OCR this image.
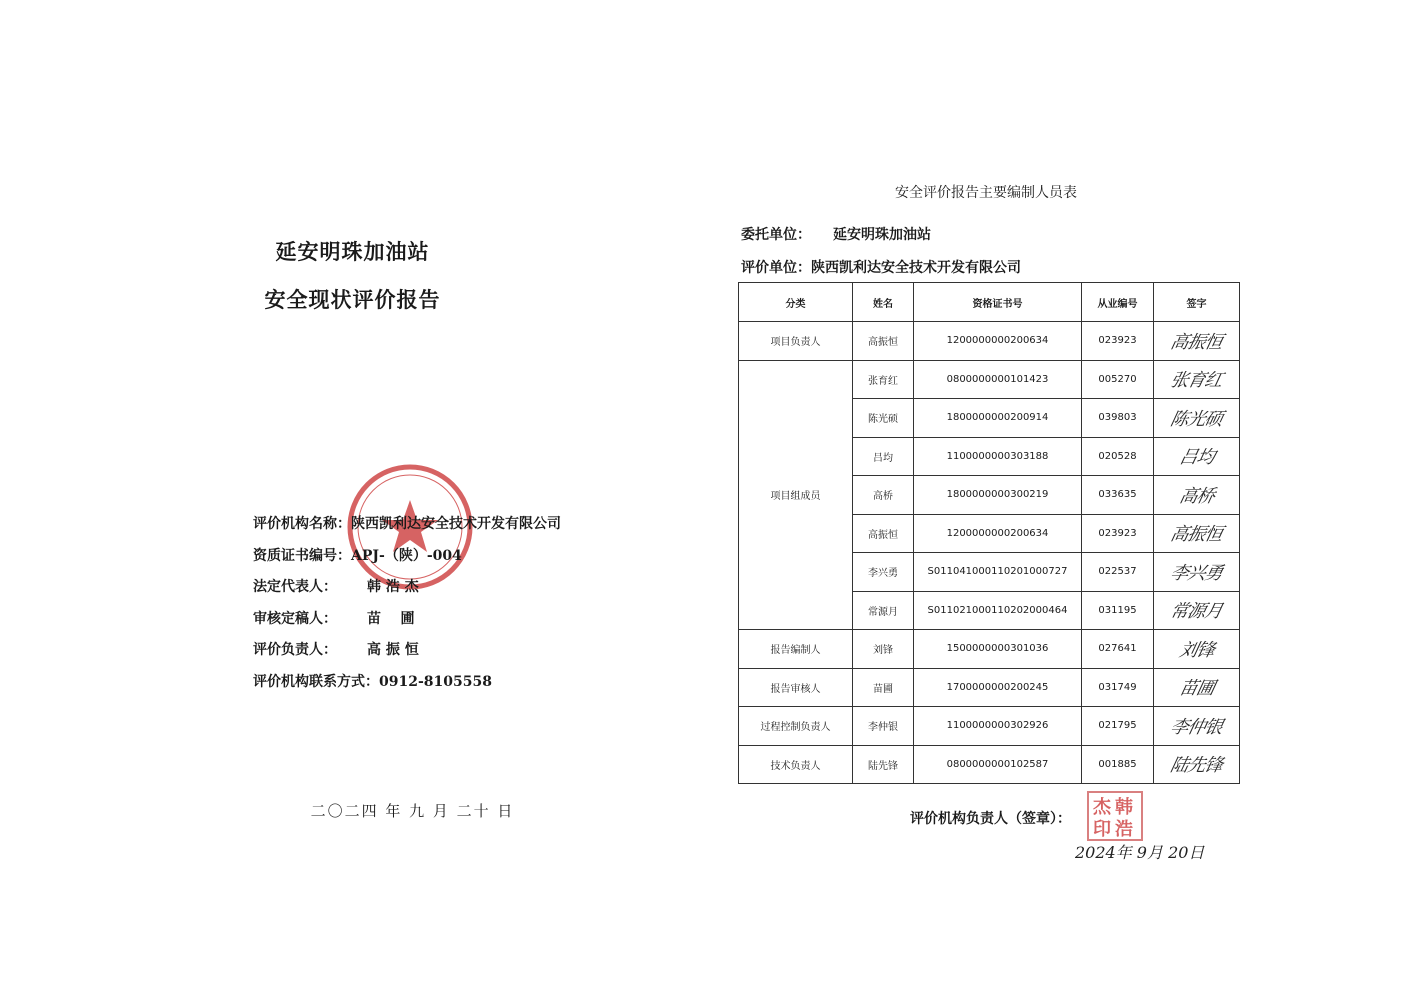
延安明珠加油站
安全现状评价报告
评价机构名称：陕西凯利达安全技术开发有限公司
资质证书编号：APJ-（陕）-004
法定代表人： 韩 浩 杰
审核定稿人： 苗    圃
评价负责人： 高 振 恒
评价机构联系方式：0912-8105558
二〇二四 年 九 月 二十 日
安全评价报告主要编制人员表
委托单位： 延安明珠加油站
评价单位：陕西凯利达安全技术开发有限公司
分类	姓名	资格证书号	从业编号	签字
项目负责人	高振恒	1200000000200634	023923	高振恒
项目组成员	张育红	0800000000101423	005270	张育红
	陈光硕	1800000000200914	039803	陈光硕
	吕均	1100000000303188	020528	吕均
	高桥	1800000000300219	033635	高桥
	高振恒	1200000000200634	023923	高振恒
	李兴勇	S011041000110201000727	022537	李兴勇
	常源月	S011021000110202000464	031195	常源月
报告编制人	刘锋	1500000000301036	027641	刘锋
报告审核人	苗圃	1700000000200245	031749	苗圃
过程控制负责人	李仲银	1100000000302926	021795	李仲银
技术负责人	陆先锋	0800000000102587	001885	陆先锋
评价机构负责人（签章）：
韩
浩
杰
印
2024年 9月 20日
